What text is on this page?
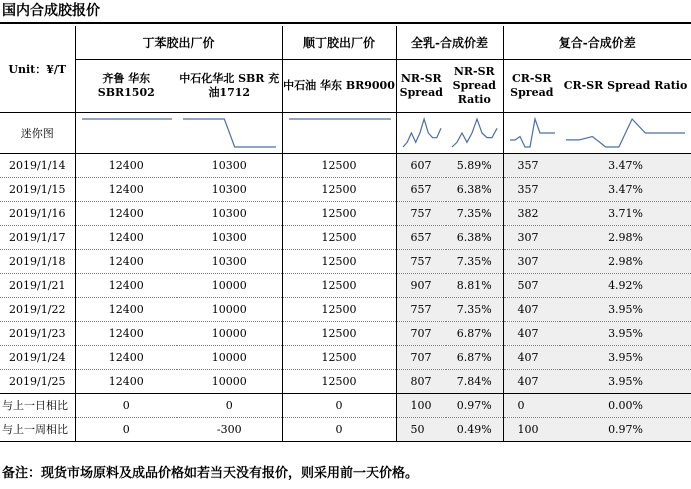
国内合成胶报价
Unit：¥/T	丁苯胶出厂价		顺丁胶出厂价	全乳-合成价差		复合-合成价差	
	齐鲁 华东 SBR1502	中石化华北 SBR 充油1712	中石油 华东 BR9000	NR-SR Spread	NR-SR Spread Ratio	CR-SR Spread	CR-SR Spread Ratio
迷你图	

2019/1/14	12400	10300	12500	607	5.89%	357	3.47%
2019/1/15	12400	10300	12500	657	6.38%	357	3.47%
2019/1/16	12400	10300	12500	757	7.35%	382	3.71%
2019/1/17	12400	10300	12500	657	6.38%	307	2.98%
2019/1/18	12400	10300	12500	757	7.35%	307	2.98%
2019/1/21	12400	10000	12500	907	8.81%	507	4.92%
2019/1/22	12400	10000	12500	757	7.35%	407	3.95%
2019/1/23	12400	10000	12500	707	6.87%	407	3.95%
2019/1/24	12400	10000	12500	707	6.87%	407	3.95%
2019/1/25	12400	10000	12500	807	7.84%	407	3.95%
与上一日相比	0	0	0	100	0.97%	0	0.00%
与上一周相比	0	-300	0	50	0.49%	100	0.97%
备注：现货市场原料及成品价格如若当天没有报价，则采用前一天价格。
